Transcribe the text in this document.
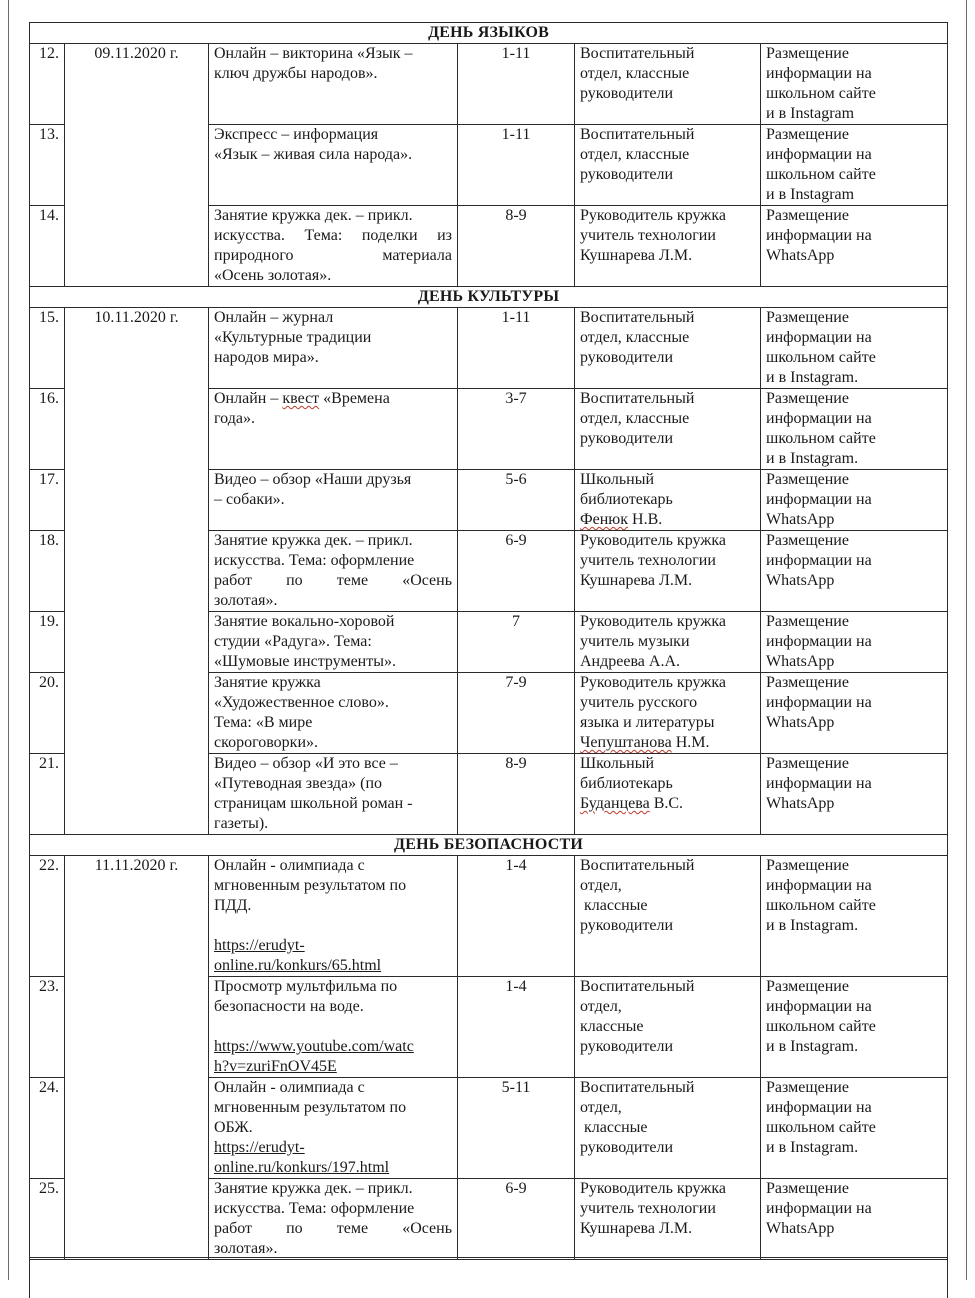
ДЕНЬ ЯЗЫКОВ					
12.	09.11.2020 г.	Онлайн – викторина «Язык –
ключ дружбы народов».	1-11	Воспитательный
отдел, классные
руководители	Размещение
информации на
школьном сайте
и в Instagram

13.		Экспресс – информация
«Язык – живая сила народа».	1-11	Воспитательный
отдел, классные
руководители	Размещение
информации на
школьном сайте
и в Instagram

14.		Занятие кружка дек. – прикл.
искусства. Тема: поделки из
природного материала
«Осень золотая».	8-9	Руководитель кружка
учитель технологии
Кушнарева Л.М.	Размещение
информации на
WhatsApp

ДЕНЬ КУЛЬТУРЫ					
15.	10.11.2020 г.	Онлайн – журнал
«Культурные традиции
народов мира».	1-11	Воспитательный
отдел, классные
руководители	Размещение
информации на
школьном сайте
и в Instagram.

16.		Онлайн – квест «Времена
года».	3-7	Воспитательный
отдел, классные
руководители	Размещение
информации на
школьном сайте
и в Instagram.

17.		Видео – обзор «Наши друзья
– собаки».	5-6	Школьный
библиотекарь
Фенюк Н.В.	Размещение
информации на
WhatsApp

18.		Занятие кружка дек. – прикл.
искусства. Тема: оформление
работ по теме «Осень
золотая».	6-9	Руководитель кружка
учитель технологии
Кушнарева Л.М.	Размещение
информации на
WhatsApp

19.		Занятие вокально-хоровой
студии «Радуга». Тема:
«Шумовые инструменты».	7	Руководитель кружка
учитель музыки
Андреева А.А.	Размещение
информации на
WhatsApp

20.		Занятие кружка
«Художественное слово».
Тема: «В мире
скороговорки».	7-9	Руководитель кружка
учитель русского
языка и литературы
Чепуштанова Н.М.	Размещение
информации на
WhatsApp

21.		Видео – обзор «И это все –
«Путеводная звезда» (по
страницам школьной роман -
газеты).	8-9	Школьный
библиотекарь
Буданцева В.С.	Размещение
информации на
WhatsApp

ДЕНЬ БЕЗОПАСНОСТИ					
22.	11.11.2020 г.	Онлайн - олимпиада с
мгновенным результатом по
ПДД.
https://erudyt-
online.ru/konkurs/65.html	1-4	Воспитательный
отдел,
классные
руководители	Размещение
информации на
школьном сайте
и в Instagram.

23.		Просмотр мультфильма по
безопасности на воде.
https://www.youtube.com/watc
h?v=zuriFnOV45E	1-4	Воспитательный
отдел,
классные
руководители	Размещение
информации на
школьном сайте
и в Instagram.

24.		Онлайн - олимпиада с
мгновенным результатом по
ОБЖ.
https://erudyt-
online.ru/konkurs/197.html	5-11	Воспитательный
отдел,
классные
руководители	Размещение
информации на
школьном сайте
и в Instagram.

25.		Занятие кружка дек. – прикл.
искусства. Тема: оформление
работ по теме «Осень
золотая».	6-9	Руководитель кружка
учитель технологии
Кушнарева Л.М.	Размещение
информации на
WhatsApp
